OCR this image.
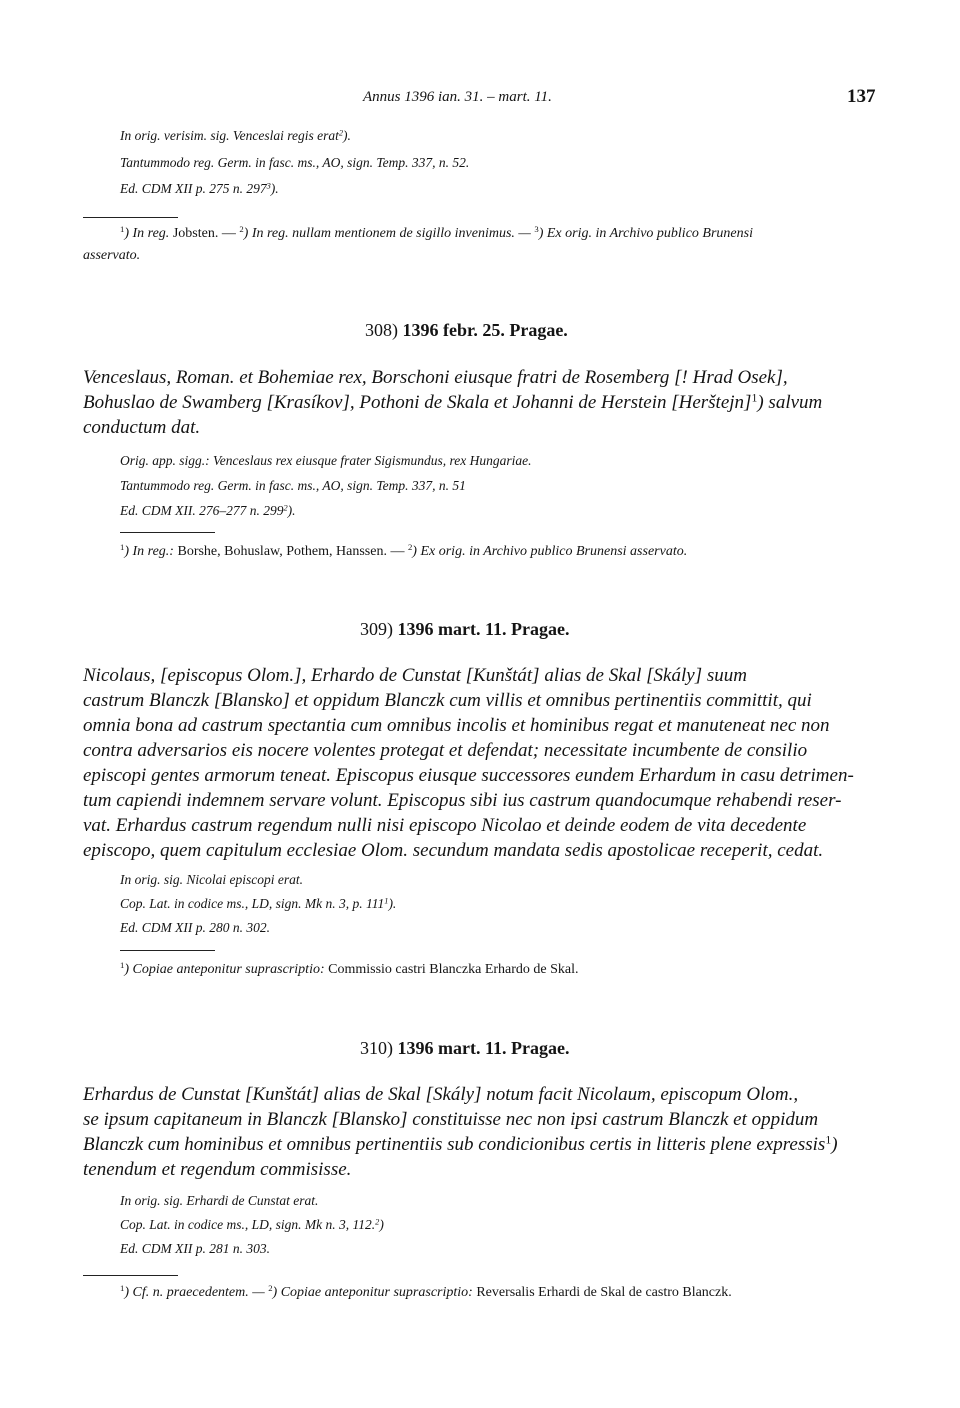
Annus 1396 ian. 31. – mart. 11.	137
In orig. verisim. sig. Venceslai regis erat$^2$).
Tantummodo reg. Germ. in fasc. ms., AO, sign. Temp. 337, n. 52.
Ed. CDM XII p. 275 n. $297^3$).
$^1$) In reg. Jobsten. — $^2$) In reg. nullam mentionem de sigillo invenimus. — $^3$) Ex orig. in Archivo publico Brunensi
asservato.
308) 1396 febr. 25. Pragae.
Venceslaus, Roman. et Bohemiae rex, Borschoni eiusque fratri de Rosemberg [! Hrad Osek],
Bohuslao de Swamberg [Krasíkov], Pothoni de Skala et Johanni de Herstein [Herštejn]$^1$) salvum
conductum dat.
Orig. app. sigg.: Venceslaus rex eiusque frater Sigismundus, rex Hungariae.
Tantummodo reg. Germ. in fasc. ms., AO, sign. Temp. 337, n. 51
Ed. CDM XII. 276–277 n. $299^2$).
$^1$) In reg.: Borshe, Bohuslaw, Pothem, Hanssen. — $^2$) Ex orig. in Archivo publico Brunensi asservato.
309) 1396 mart. 11. Pragae.
Nicolaus, [episcopus Olom.], Erhardo de Cunstat [Kunštát] alias de Skal [Skály] suum
castrum Blanczk [Blansko] et oppidum Blanczk cum villis et omnibus pertinentiis committit, qui
omnia bona ad castrum spectantia cum omnibus incolis et hominibus regat et manuteneat nec non
contra adversarios eis nocere volentes protegat et defendat; necessitate incumbente de consilio
episcopi gentes armorum teneat. Episcopus eiusque successores eundem Erhardum in casu detrimen-
tum capiendi indemnem servare volunt. Episcopus sibi ius castrum quandocumque rehabendi reser-
vat. Erhardus castrum regendum nulli nisi episcopo Nicolao et deinde eodem de vita decedente
episcopo, quem capitulum ecclesiae Olom. secundum mandata sedis apostolicae receperit, cedat.
In orig. sig. Nicolai episcopi erat.
Cop. Lat. in codice ms., LD, sign. Mk n. 3, p. $111^1$).
Ed. CDM XII p. 280 n. 302.
$^1$) Copiae anteponitur suprascriptio: Commissio castri Blanczka Erhardo de Skal.
310) 1396 mart. 11. Pragae.
Erhardus de Cunstat [Kunštát] alias de Skal [Skály] notum facit Nicolaum, episcopum Olom.,
se ipsum capitaneum in Blanczk [Blansko] constituisse nec non ipsi castrum Blanczk et oppidum
Blanczk cum hominibus et omnibus pertinentiis sub condicionibus certis in litteris plene expressis$^1$)
tenendum et regendum commisisse.
In orig. sig. Erhardi de Cunstat erat.
Cop. Lat. in codice ms., LD, sign. Mk n. 3, 112.$^2$)
Ed. CDM XII p. 281 n. 303.
$^1$) Cf. n. praecedentem. — $^2$) Copiae anteponitur suprascriptio: Reversalis Erhardi de Skal de castro Blanczk.
